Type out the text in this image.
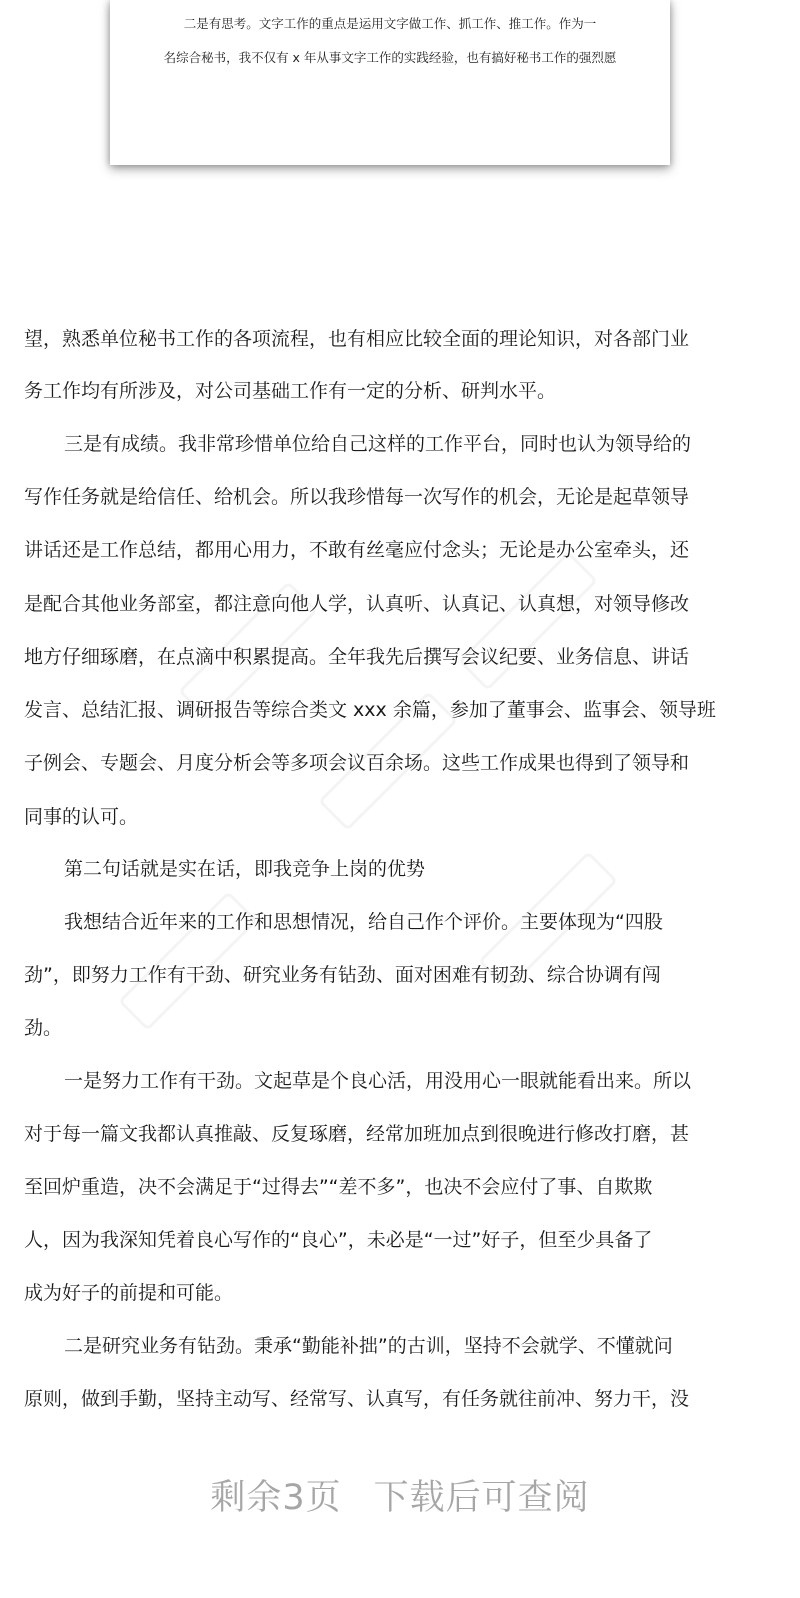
二是有思考。文字工作的重点是运用文字做工作、抓工作、推工作。作为一
名综合秘书，我不仅有 x 年从事文字工作的实践经验，也有搞好秘书工作的强烈愿
望，熟悉单位秘书工作的各项流程，也有相应比较全面的理论知识，对各部门业
务工作均有所涉及，对公司基础工作有一定的分析、研判水平。
三是有成绩。我非常珍惜单位给自己这样的工作平台，同时也认为领导给的
写作任务就是给信任、给机会。所以我珍惜每一次写作的机会，无论是起草领导
讲话还是工作总结，都用心用力，不敢有丝毫应付念头；无论是办公室牵头，还
是配合其他业务部室，都注意向他人学，认真听、认真记、认真想，对领导修改
地方仔细琢磨，在点滴中积累提高。全年我先后撰写会议纪要、业务信息、讲话
发言、总结汇报、调研报告等综合类文 xxx 余篇，参加了董事会、监事会、领导班
子例会、专题会、月度分析会等多项会议百余场。这些工作成果也得到了领导和
同事的认可。
第二句话就是实在话，即我竞争上岗的优势
我想结合近年来的工作和思想情况，给自己作个评价。主要体现为“四股
劲”，即努力工作有干劲、研究业务有钻劲、面对困难有韧劲、综合协调有闯
劲。
一是努力工作有干劲。文起草是个良心活，用没用心一眼就能看出来。所以
对于每一篇文我都认真推敲、反复琢磨，经常加班加点到很晚进行修改打磨，甚
至回炉重造，决不会满足于“过得去”“差不多”，也决不会应付了事、自欺欺
人，因为我深知凭着良心写作的“良心”，未必是“一过”好子，但至少具备了
成为好子的前提和可能。
二是研究业务有钻劲。秉承“勤能补拙”的古训，坚持不会就学、不懂就问
原则，做到手勤，坚持主动写、经常写、认真写，有任务就往前冲、努力干，没
剩余3页 下载后可查阅
